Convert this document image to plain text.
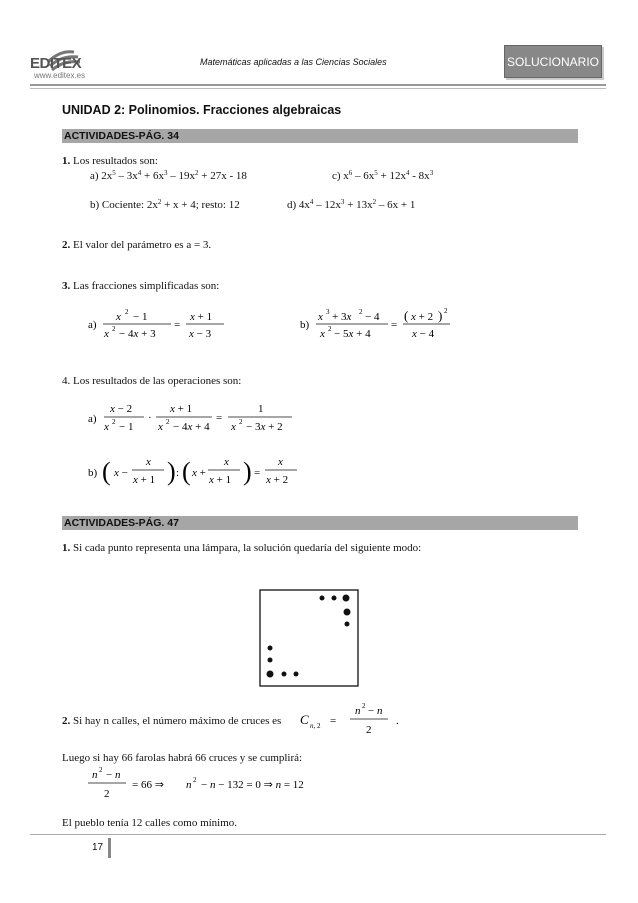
EDITEX
www.editex.es
Matemáticas aplicadas a las Ciencias Sociales	SOLUCIONARIO
UNIDAD 2: Polinomios. Fracciones algebraicas
ACTIVIDADES-PÁG. 34
1. Los resultados son:
a) $2x^5 - 3x^4 + 6x^3 - 19x^2 + 27x - 18$	c) $x^6 - 6x^5 + 12x^4 - 8x^3$
b) Cociente: $2x^2 + x + 4$; resto: 12	d) $4x^4 - 12x^3 + 13x^2 - 6x + 1$
2. El valor del parámetro es a = 3.
3. Las fracciones simplificadas son:
a)
x 2 − 1
x 2 − 4x + 3
=
x + 1
x − 3
b)
x 3 + 3x 2 − 4
x 2 − 5x + 4
=
( x + 2 ) 2
x − 4
4. Los resultados de las operaciones son:
a)
x − 2
x 2 − 1
·
x + 1
x 2 − 4x + 4
=
1
x 2 − 3x + 2
b) ( x −
x
x + 1 ) : ( x +
x
x + 1 ) =
x
x + 2
ACTIVIDADES-PÁG. 47
1. Si cada punto representa una lámpara, la solución quedaría del siguiente modo:
2. Si hay n calles, el número máximo de cruces es C n, 2 =
n 2 − n
2
.
Luego si hay 66 farolas habrá 66 cruces y se cumplirá:
n 2 − n
2
= 66 ⇒ n 2 − n − 132 = 0 ⇒ n = 12
El pueblo tenía 12 calles como mínimo.
17
